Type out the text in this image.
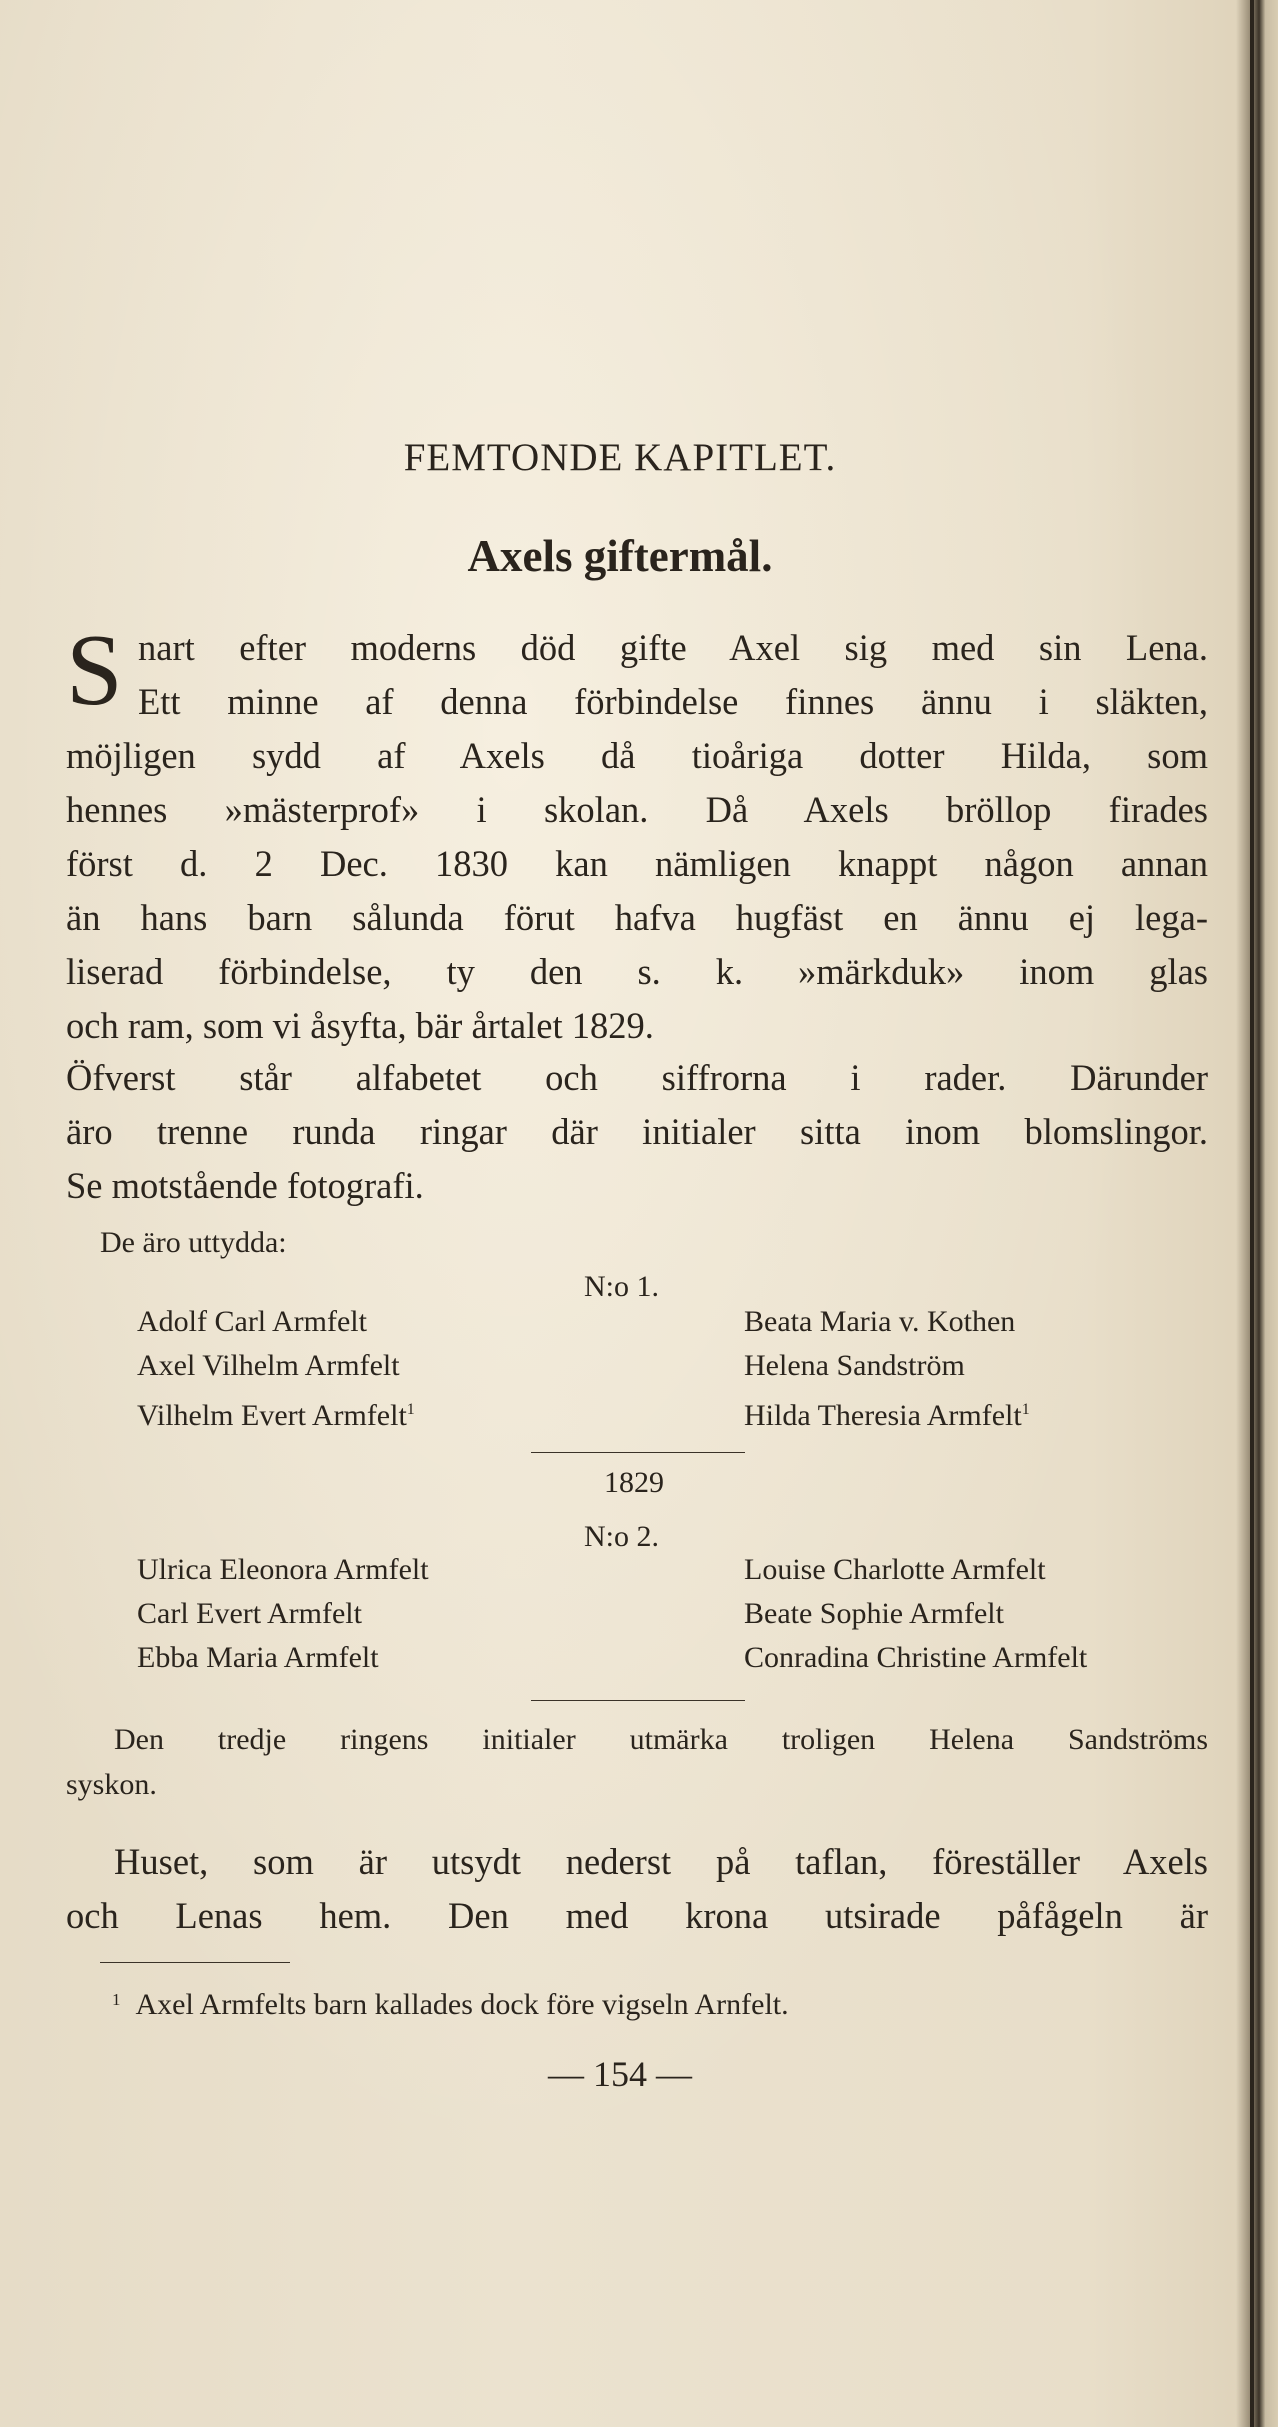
FEMTONDE KAPITLET.
Axels giftermål.
S nart efter moderns död gifte Axel sig med sin Lena.
Ett minne af denna förbindelse finnes ännu i släkten,
möjligen sydd af Axels då tioåriga dotter Hilda, som
hennes »mästerprof» i skolan. Då Axels bröllop firades
först d. 2 Dec. 1830 kan nämligen knappt någon annan
än hans barn sålunda förut hafva hugfäst en ännu ej lega-
liserad förbindelse, ty den s. k. »märkduk» inom glas
och ram, som vi åsyfta, bär årtalet 1829.
Öfverst står alfabetet och siffrorna i rader. Därunder
äro trenne runda ringar där initialer sitta inom blomslingor.
Se motstående fotografi.
De äro uttydda:
N:o 1.
Adolf Carl Armfelt
Axel Vilhelm Armfelt
Vilhelm Evert Armfelt$^1$
Beata Maria v. Kothen
Helena Sandström
Hilda Theresia Armfelt$^1$
1829
N:o 2.
Ulrica Eleonora Armfelt
Carl Evert Armfelt
Ebba Maria Armfelt
Louise Charlotte Armfelt
Beate Sophie Armfelt
Conradina Christine Armfelt
Den tredje ringens initialer utmärka troligen Helena Sandströms
syskon.
Huset, som är utsydt nederst på taflan, föreställer Axels
och Lenas hem. Den med krona utsirade påfågeln är
$^1$ Axel Armfelts barn kallades dock före vigseln Arnfelt.
— 154 —
